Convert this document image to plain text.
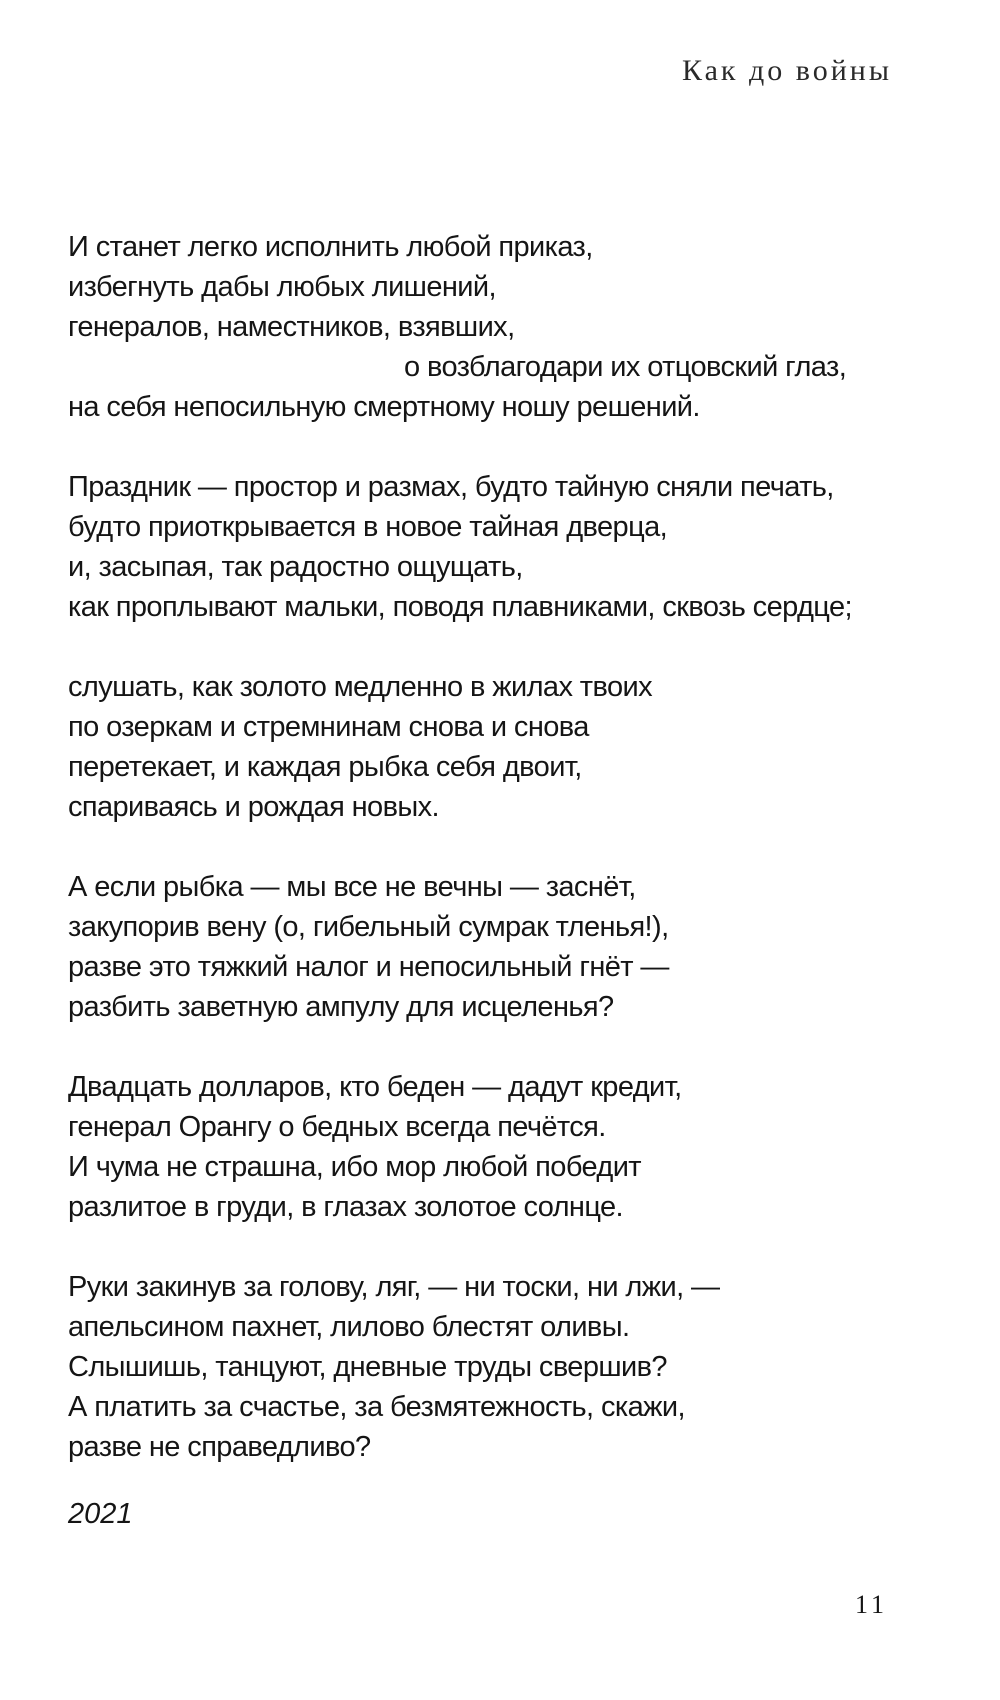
Как до войны
И станет легко исполнить любой приказ,
избегнуть дабы любых лишений,
генералов, наместников, взявших,
о возблагодари их отцовский глаз,
на себя непосильную смертному ношу решений.
Праздник — простор и размах, будто тайную сняли печать,
будто приоткрывается в новое тайная дверца,
и, засыпая, так радостно ощущать,
как проплывают мальки, поводя плавниками, сквозь сердце;
слушать, как золото медленно в жилах твоих
по озеркам и стремнинам снова и снова
перетекает, и каждая рыбка себя двоит,
спариваясь и рождая новых.
А если рыбка — мы все не вечны — заснёт,
закупорив вену (о, гибельный сумрак тленья!),
разве это тяжкий налог и непосильный гнёт —
разбить заветную ампулу для исцеленья?
Двадцать долларов, кто беден — дадут кредит,
генерал Орангу о бедных всегда печётся.
И чума не страшна, ибо мор любой победит
разлитое в груди, в глазах золотое солнце.
Руки закинув за голову, ляг, — ни тоски, ни лжи, —
апельсином пахнет, лилово блестят оливы.
Слышишь, танцуют, дневные труды свершив?
А платить за счастье, за безмятежность, скажи,
разве не справедливо?
2021
11
